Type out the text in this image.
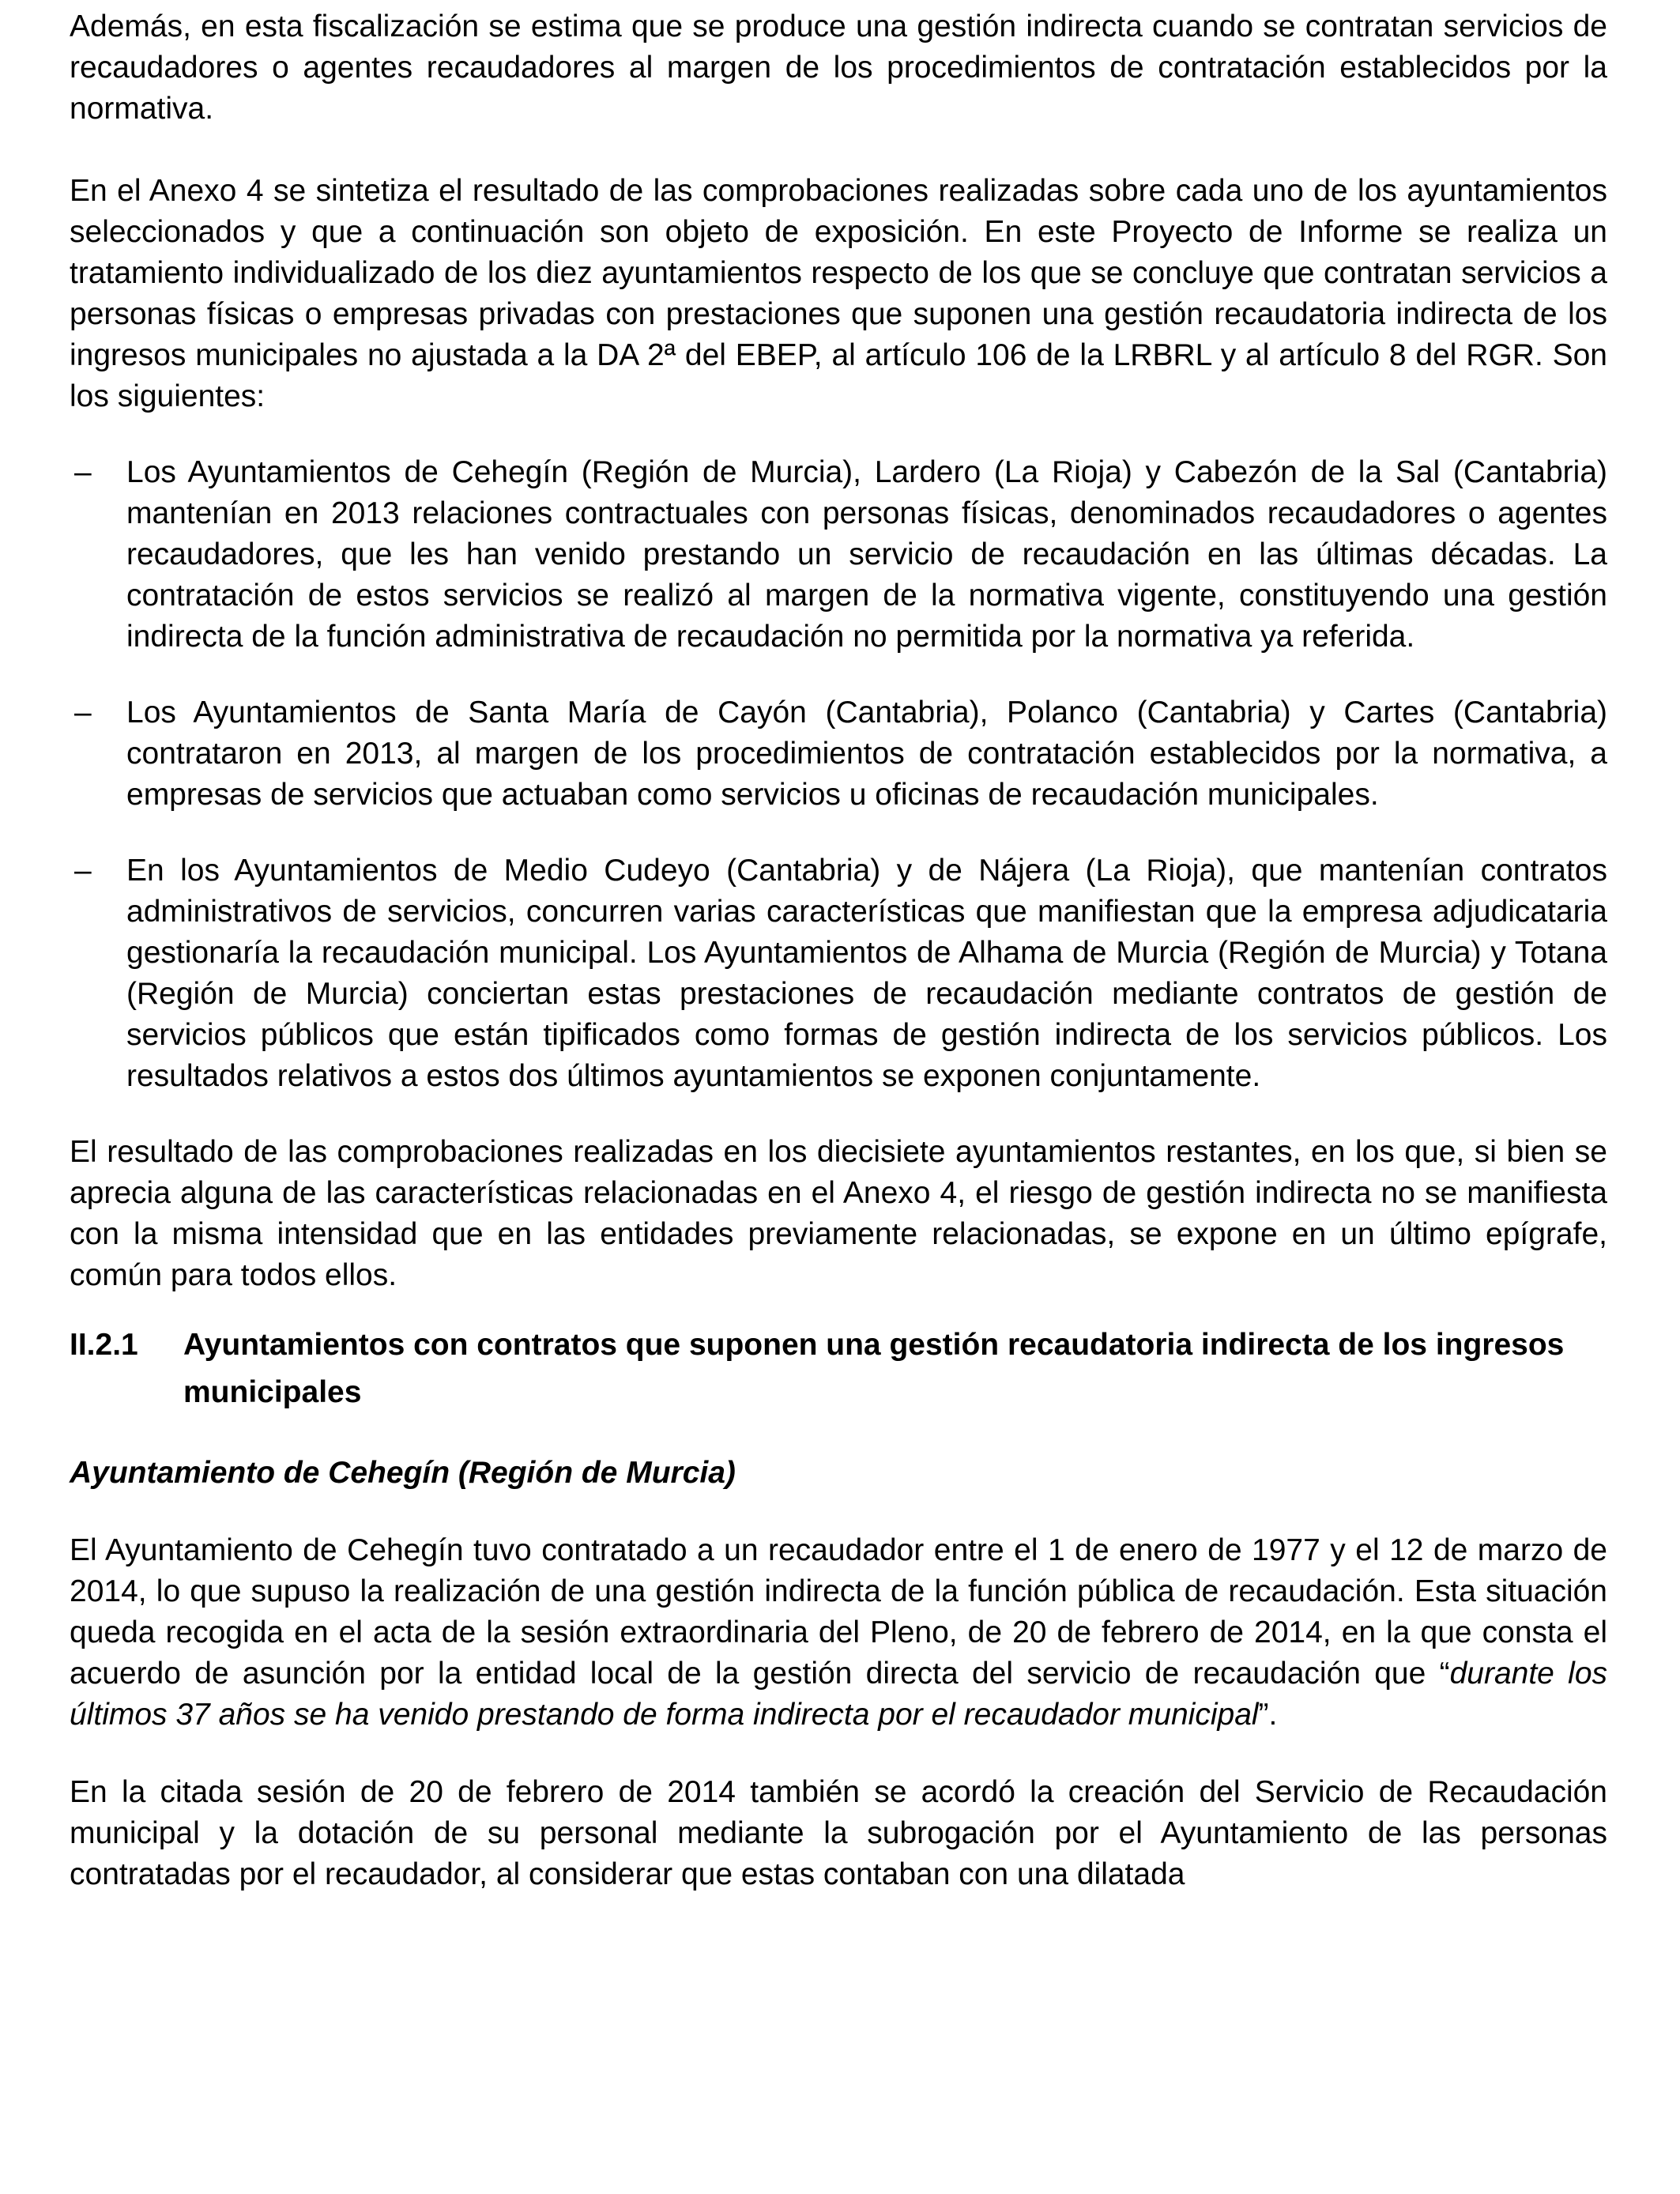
Además, en esta fiscalización se estima que se produce una gestión indirecta cuando se contratan servicios de recaudadores o agentes recaudadores al margen de los procedimientos de contratación establecidos por la normativa.

En el Anexo 4 se sintetiza el resultado de las comprobaciones realizadas sobre cada uno de los ayuntamientos seleccionados y que a continuación son objeto de exposición. En este Proyecto de Informe se realiza un tratamiento individualizado de los diez ayuntamientos respecto de los que se concluye que contratan servicios a personas físicas o empresas privadas con prestaciones que suponen una gestión recaudatoria indirecta de los ingresos municipales no ajustada a la DA 2ª del EBEP, al artículo 106 de la LRBRL y al artículo 8 del RGR. Son los siguientes:

– Los Ayuntamientos de Cehegín (Región de Murcia), Lardero (La Rioja) y Cabezón de la Sal (Cantabria) mantenían en 2013 relaciones contractuales con personas físicas, denominados recaudadores o agentes recaudadores, que les han venido prestando un servicio de recaudación en las últimas décadas. La contratación de estos servicios se realizó al margen de la normativa vigente, constituyendo una gestión indirecta de la función administrativa de recaudación no permitida por la normativa ya referida.

– Los Ayuntamientos de Santa María de Cayón (Cantabria), Polanco (Cantabria) y Cartes (Cantabria) contrataron en 2013, al margen de los procedimientos de contratación establecidos por la normativa, a empresas de servicios que actuaban como servicios u oficinas de recaudación municipales.

– En los Ayuntamientos de Medio Cudeyo (Cantabria) y de Nájera (La Rioja), que mantenían contratos administrativos de servicios, concurren varias características que manifiestan que la empresa adjudicataria gestionaría la recaudación municipal. Los Ayuntamientos de Alhama de Murcia (Región de Murcia) y Totana (Región de Murcia) conciertan estas prestaciones de recaudación mediante contratos de gestión de servicios públicos que están tipificados como formas de gestión indirecta de los servicios públicos. Los resultados relativos a estos dos últimos ayuntamientos se exponen conjuntamente.

El resultado de las comprobaciones realizadas en los diecisiete ayuntamientos restantes, en los que, si bien se aprecia alguna de las características relacionadas en el Anexo 4, el riesgo de gestión indirecta no se manifiesta con la misma intensidad que en las entidades previamente relacionadas, se expone en un último epígrafe, común para todos ellos.

II.2.1	Ayuntamientos con contratos que suponen una gestión recaudatoria indirecta de los ingresos municipales

Ayuntamiento de Cehegín (Región de Murcia)

El Ayuntamiento de Cehegín tuvo contratado a un recaudador entre el 1 de enero de 1977 y el 12 de marzo de 2014, lo que supuso la realización de una gestión indirecta de la función pública de recaudación. Esta situación queda recogida en el acta de la sesión extraordinaria del Pleno, de 20 de febrero de 2014, en la que consta el acuerdo de asunción por la entidad local de la gestión directa del servicio de recaudación que “durante los últimos 37 años se ha venido prestando de forma indirecta por el recaudador municipal”.

En la citada sesión de 20 de febrero de 2014 también se acordó la creación del Servicio de Recaudación municipal y la dotación de su personal mediante la subrogación por el Ayuntamiento de las personas contratadas por el recaudador, al considerar que estas contaban con una dilatada
